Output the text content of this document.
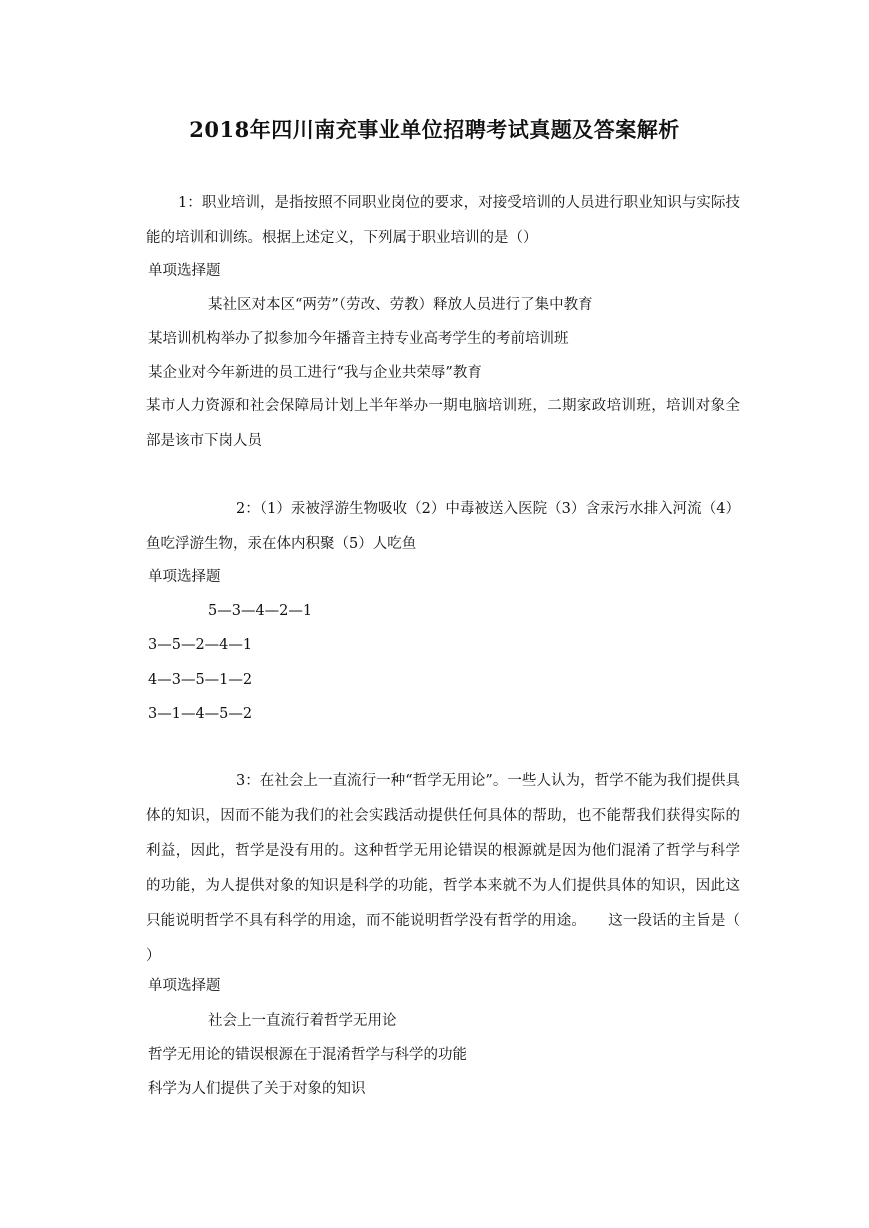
2018年四川南充事业单位招聘考试真题及答案解析
1：职业培训，是指按照不同职业岗位的要求，对接受培训的人员进行职业知识与实际技能的培训和训练。根据上述定义，下列属于职业培训的是（）
单项选择题
某社区对本区“两劳”（劳改、劳教）释放人员进行了集中教育
某培训机构举办了拟参加今年播音主持专业高考学生的考前培训班
某企业对今年新进的员工进行“我与企业共荣辱”教育
某市人力资源和社会保障局计划上半年举办一期电脑培训班，二期家政培训班，培训对象全部是该市下岗人员
2：（1）汞被浮游生物吸收（2）中毒被送入医院（3）含汞污水排入河流（4）鱼吃浮游生物，汞在体内积聚（5）人吃鱼
单项选择题
5—3—4—2—1
3—5—2—4—1
4—3—5—1—2
3—1—4—5—2
3：在社会上一直流行一种“哲学无用论”。一些人认为，哲学不能为我们提供具体的知识，因而不能为我们的社会实践活动提供任何具体的帮助，也不能帮我们获得实际的利益，因此，哲学是没有用的。这种哲学无用论错误的根源就是因为他们混淆了哲学与科学的功能，为人提供对象的知识是科学的功能，哲学本来就不为人们提供具体的知识，因此这只能说明哲学不具有科学的用途，而不能说明哲学没有哲学的用途。　　这一段话的主旨是（ ）
单项选择题
社会上一直流行着哲学无用论
哲学无用论的错误根源在于混淆哲学与科学的功能
科学为人们提供了关于对象的知识
